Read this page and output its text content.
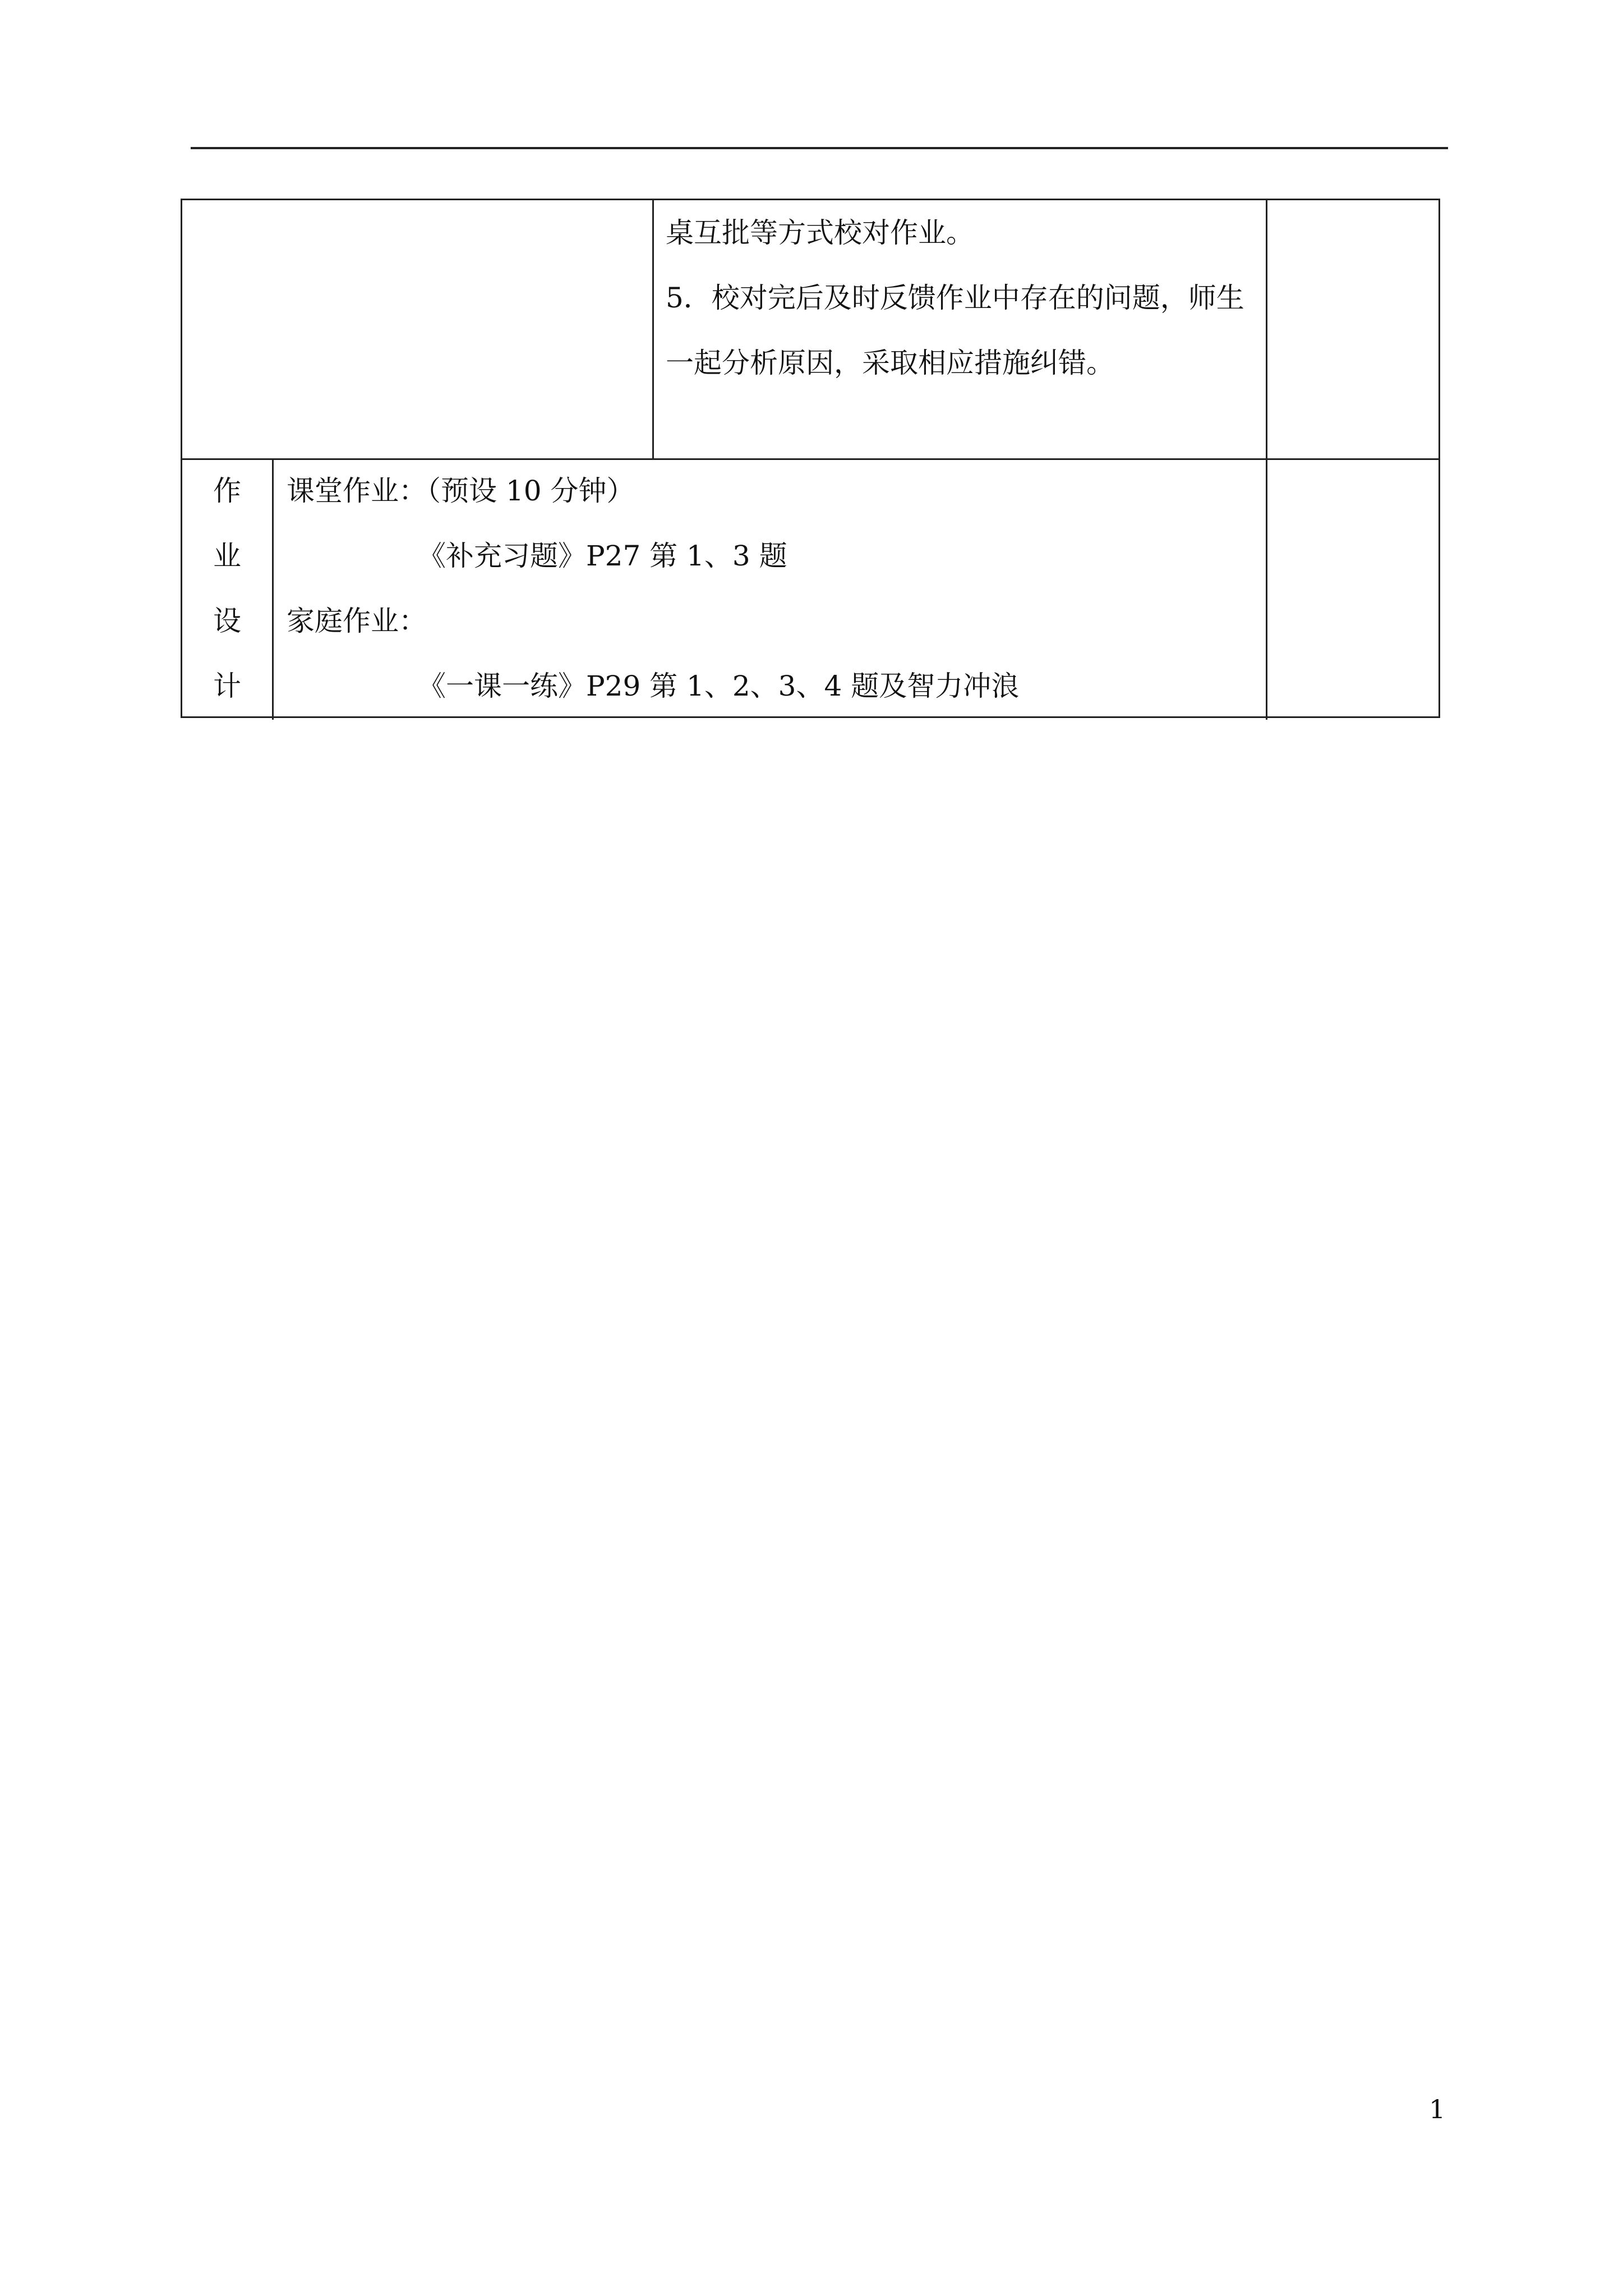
桌互批等方式校对作业。
5．校对完后及时反馈作业中存在的问题，师生
一起分析原因，采取相应措施纠错。
作
业
设
计
课堂作业：（预设 10 分钟）
《补充习题》P27 第 1、3 题
家庭作业：
《一课一练》P29 第 1、2、3、4 题及智力冲浪
1
